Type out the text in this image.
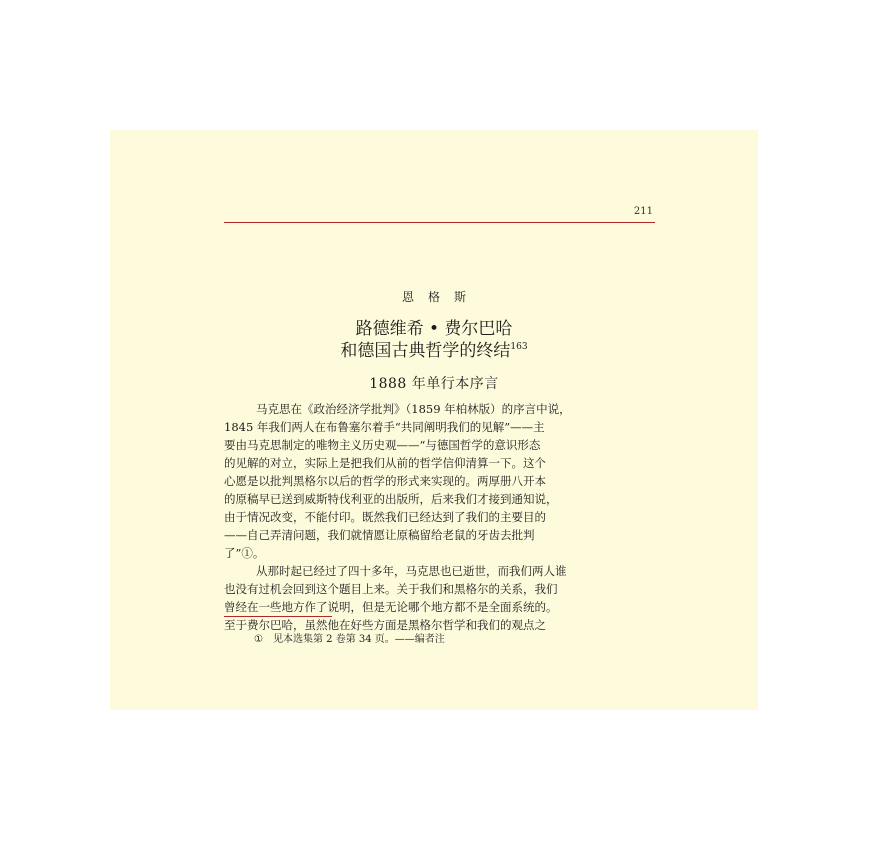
211
恩格斯
路德维希 • 费尔巴哈
和德国古典哲学的终结$^{163}$
1888 年单行本序言
马克思在《政治经济学批判》（1859 年柏林版）的序言中说，
1845 年我们两人在布鲁塞尔着手“共同阐明我们的见解”——主
要由马克思制定的唯物主义历史观——“与德国哲学的意识形态
的见解的对立，实际上是把我们从前的哲学信仰清算一下。这个
心愿是以批判黑格尔以后的哲学的形式来实现的。两厚册八开本
的原稿早已送到威斯特伐利亚的出版所，后来我们才接到通知说，
由于情况改变，不能付印。既然我们已经达到了我们的主要目的
——自己弄清问题，我们就情愿让原稿留给老鼠的牙齿去批判
了”①。
从那时起已经过了四十多年，马克思也已逝世，而我们两人谁
也没有过机会回到这个题目上来。关于我们和黑格尔的关系，我们
曾经在一些地方作了说明，但是无论哪个地方都不是全面系统的。
至于费尔巴哈，虽然他在好些方面是黑格尔哲学和我们的观点之
① 见本选集第 2 卷第 34 页。——编者注
